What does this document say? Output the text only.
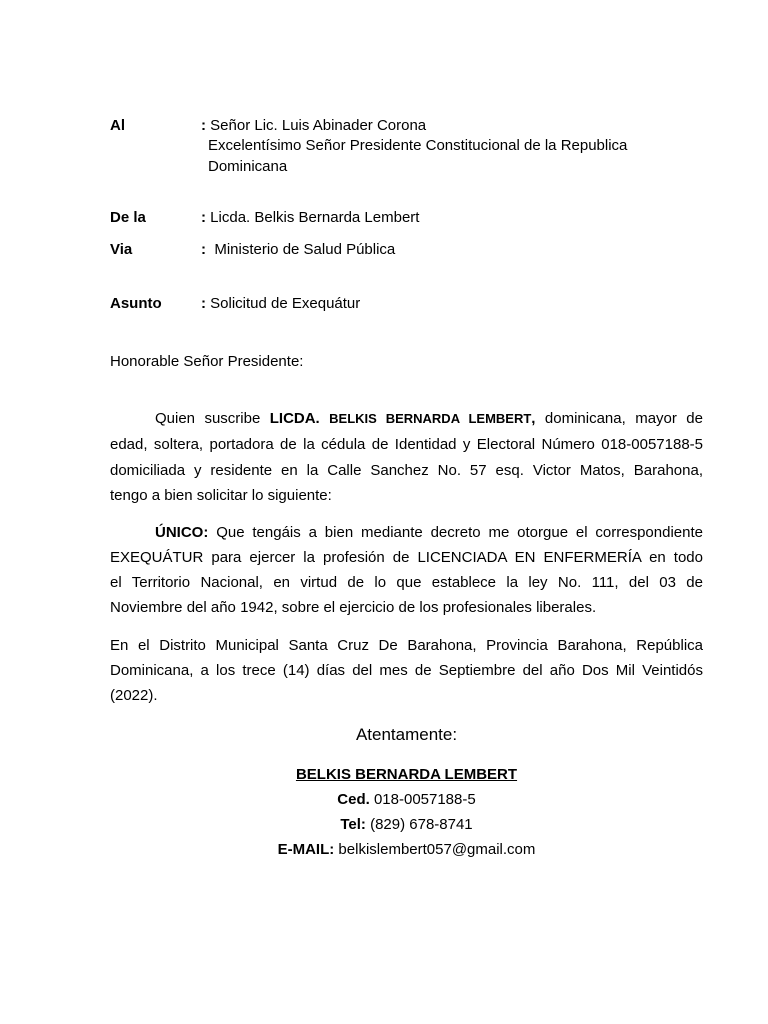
Al	: Señor Lic. Luis Abinader Corona
Excelentísimo Señor Presidente Constitucional de la Republica
Dominicana
De la	: Licda. Belkis Bernarda Lembert
Via	: Ministerio de Salud Pública
Asunto	: Solicitud de Exequátur
Honorable Señor Presidente:
Quien suscribe LICDA. BELKIS BERNARDA LEMBERT, dominicana, mayor de
edad, soltera, portadora de la cédula de Identidad y Electoral Número 018-0057188-5
domiciliada y residente en la Calle Sanchez No. 57 esq. Victor Matos, Barahona,
tengo a bien solicitar lo siguiente:
ÚNICO: Que tengáis a bien mediante decreto me otorgue el correspondiente
EXEQUÁTUR para ejercer la profesión de LICENCIADA EN ENFERMERÍA en todo
el Territorio Nacional, en virtud de lo que establece la ley No. 111, del 03 de
Noviembre del año 1942, sobre el ejercicio de los profesionales liberales.
En el Distrito Municipal Santa Cruz De Barahona, Provincia Barahona, República
Dominicana, a los trece (14) días del mes de Septiembre del año Dos Mil Veintidós
(2022).
Atentamente:
BELKIS BERNARDA LEMBERT
Ced. 018-0057188-5
Tel: (829) 678-8741
E-MAIL: belkislembert057@gmail.com
